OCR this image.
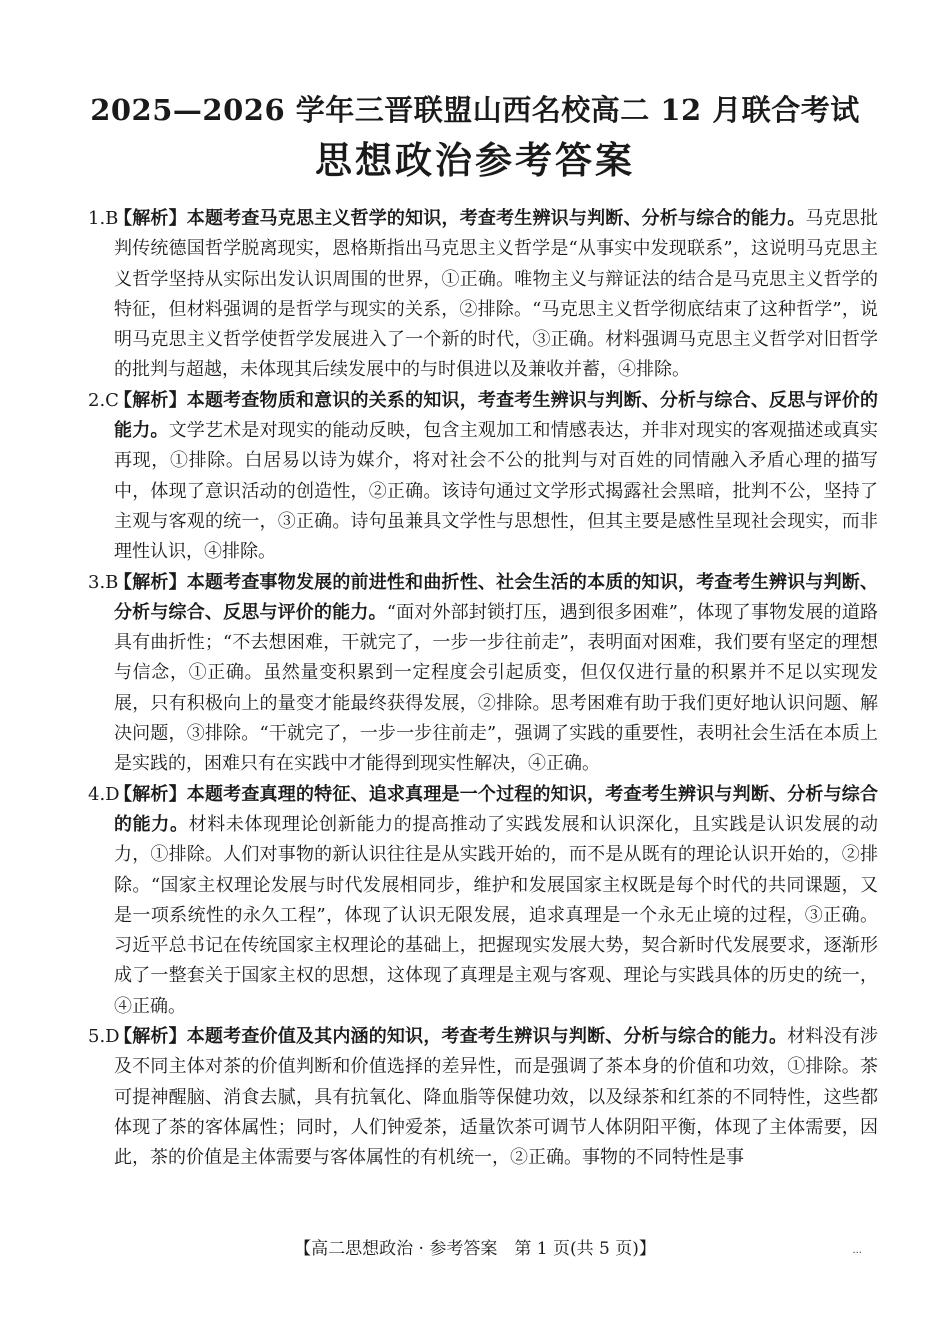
2025—2026 学年三晋联盟山西名校高二 12 月联合考试
思想政治参考答案

1.B
【解析】本题考查马克思主义哲学的知识，考查考生辨识与判断、分析与综合的能力。马克思批判传统德国哲学脱离现实，恩格斯指出马克思主义哲学是“从事实中发现联系”，这说明马克思主义哲学坚持从实际出发认识周围的世界，①正确。唯物主义与辩证法的结合是马克思主义哲学的特征，但材料强调的是哲学与现实的关系，②排除。“马克思主义哲学彻底结束了这种哲学”，说明马克思主义哲学使哲学发展进入了一个新的时代，③正确。材料强调马克思主义哲学对旧哲学的批判与超越，未体现其后续发展中的与时俱进以及兼收并蓄，④排除。

2.C
【解析】本题考查物质和意识的关系的知识，考查考生辨识与判断、分析与综合、反思与评价的能力。文学艺术是对现实的能动反映，包含主观加工和情感表达，并非对现实的客观描述或真实再现，①排除。白居易以诗为媒介，将对社会不公的批判与对百姓的同情融入矛盾心理的描写中，体现了意识活动的创造性，②正确。该诗句通过文学形式揭露社会黑暗，批判不公，坚持了主观与客观的统一，③正确。诗句虽兼具文学性与思想性，但其主要是感性呈现社会现实，而非理性认识，④排除。

3.B
【解析】本题考查事物发展的前进性和曲折性、社会生活的本质的知识，考查考生辨识与判断、分析与综合、反思与评价的能力。“面对外部封锁打压，遇到很多困难”，体现了事物发展的道路具有曲折性；“不去想困难，干就完了，一步一步往前走”，表明面对困难，我们要有坚定的理想与信念，①正确。虽然量变积累到一定程度会引起质变，但仅仅进行量的积累并不足以实现发展，只有积极向上的量变才能最终获得发展，②排除。思考困难有助于我们更好地认识问题、解决问题，③排除。“干就完了，一步一步往前走”，强调了实践的重要性，表明社会生活在本质上是实践的，困难只有在实践中才能得到现实性解决，④正确。

4.D
【解析】本题考查真理的特征、追求真理是一个过程的知识，考查考生辨识与判断、分析与综合的能力。材料未体现理论创新能力的提高推动了实践发展和认识深化，且实践是认识发展的动力，①排除。人们对事物的新认识往往是从实践开始的，而不是从既有的理论认识开始的，②排除。“国家主权理论发展与时代发展相同步，维护和发展国家主权既是每个时代的共同课题，又是一项系统性的永久工程”，体现了认识无限发展，追求真理是一个永无止境的过程，③正确。习近平总书记在传统国家主权理论的基础上，把握现实发展大势，契合新时代发展要求，逐渐形成了一整套关于国家主权的思想，这体现了真理是主观与客观、理论与实践具体的历史的统一，④正确。

5.D
【解析】本题考查价值及其内涵的知识，考查考生辨识与判断、分析与综合的能力。材料没有涉及不同主体对茶的价值判断和价值选择的差异性，而是强调了茶本身的价值和功效，①排除。茶可提神醒脑、消食去腻，具有抗氧化、降血脂等保健功效，以及绿茶和红茶的不同特性，这些都体现了茶的客体属性；同时，人们钟爱茶，适量饮茶可调节人体阴阳平衡，体现了主体需要，因此，茶的价值是主体需要与客体属性的有机统一，②正确。事物的不同特性是事

【高二思想政治 · 参考答案　第 1 页(共 5 页)】	...
